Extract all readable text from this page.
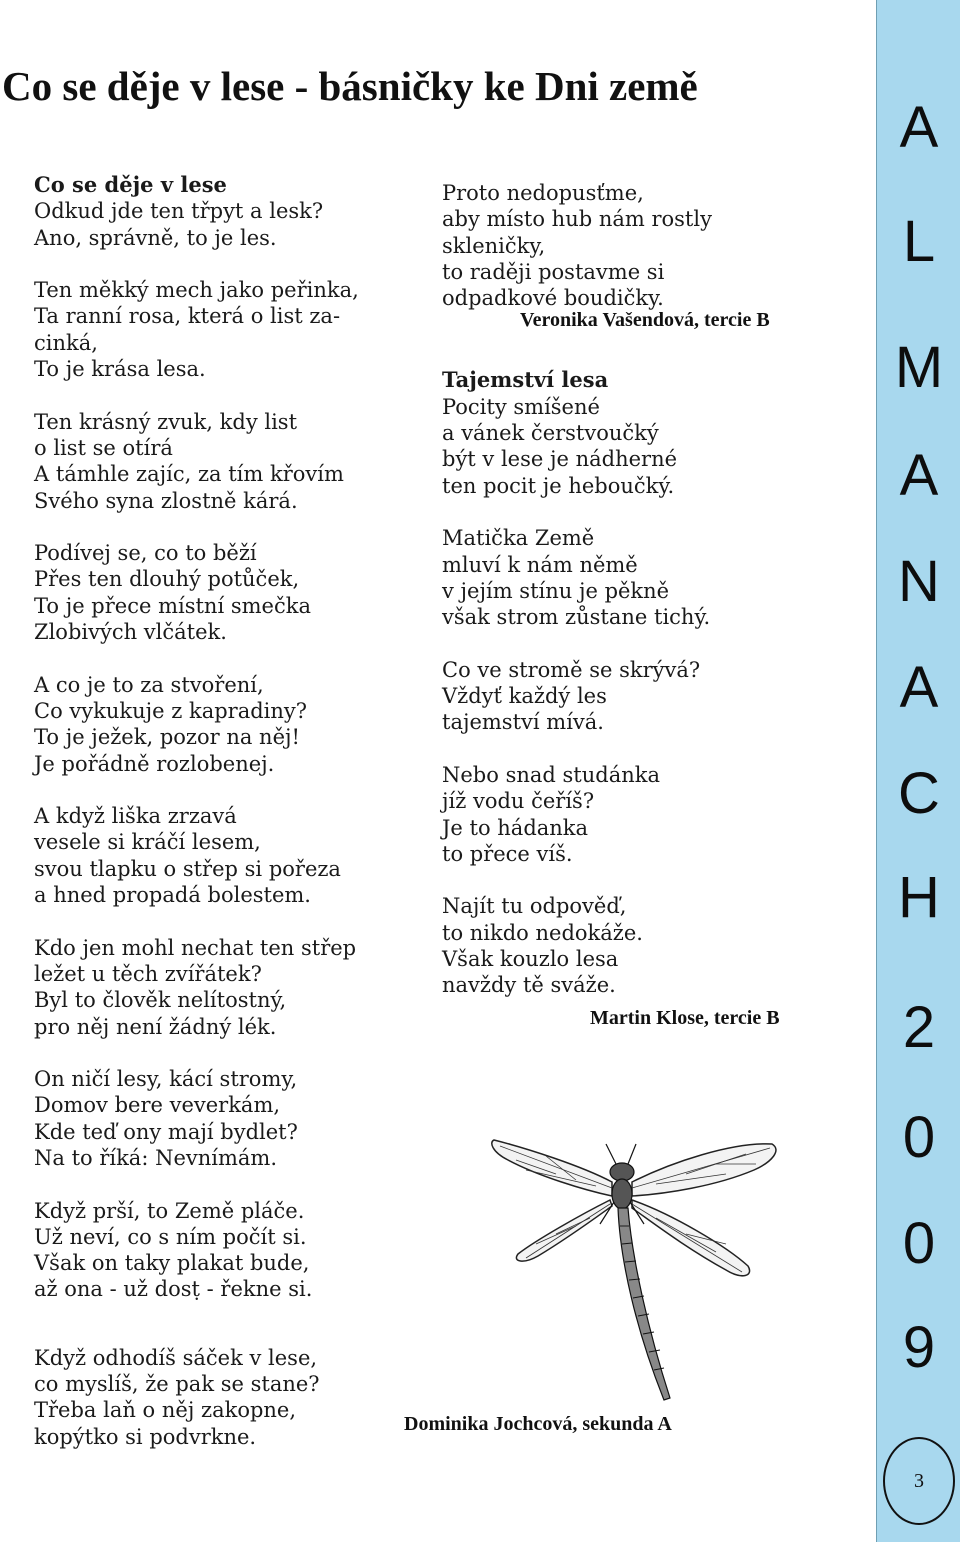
Co se děje v lese - básničky ke Dni země
Co se děje v lese
Odkud jde ten třpyt a lesk?
Ano, správně, to je les.
Ten měkký mech jako peřinka,
Ta ranní rosa, která o list za-
cinká,
To je krása lesa.
Ten krásný zvuk, kdy list
o list se otírá
A támhle zajíc, za tím křovím
Svého syna zlostně kárá.
Podívej se, co to běží
Přes ten dlouhý potůček,
To je přece místní smečka
Zlobivých vlčátek.
A co je to za stvoření,
Co vykukuje z kapradiny?
To je ježek, pozor na něj!
Je pořádně rozlobenej.
A když liška zrzavá
vesele si kráčí lesem,
svou tlapku o střep si pořeza
a hned propadá bolestem.
Kdo jen mohl nechat ten střep
ležet u těch zvířátek?
Byl to člověk nelítostný,
pro něj není žádný lék.
On ničí lesy, kácí stromy,
Domov bere veverkám,
Kde teď ony mají bydlet?
Na to říká: Nevnímám.
Když prší, to Země pláče.
Už neví, co s ním počít si.
Však on taky plakat bude,
až ona - už dosṭ - řekne si.
Když odhodíš sáček v lese,
co myslíš, že pak se stane?
Třeba laň o něj zakopne,
kopýtko si podvrkne.
Proto nedopusťme,
aby místo hub nám rostly
skleničky,
to raději postavme si
odpadkové boudičky.
Veronika Vašendová, tercie B
Tajemství lesa
Pocity smíšené
a vánek čerstvoučký
být v lese je nádherné
ten pocit je heboučký.
Matička Země
mluví k nám němě
v jejím stínu je pěkně
však strom zůstane tichý.
Co ve stromě se skrývá?
Vždyť každý les
tajemství mívá.
Nebo snad studánka
jíž vodu čeříš?
Je to hádanka
to přece víš.
Najít tu odpověď,
to nikdo nedokáže.
Však kouzlo lesa
navždy tě sváže.
Martin Klose, tercie B
Dominika Jochcová, sekunda A
A
L
M
A
N
A
C
H
2
0
0
9
3
